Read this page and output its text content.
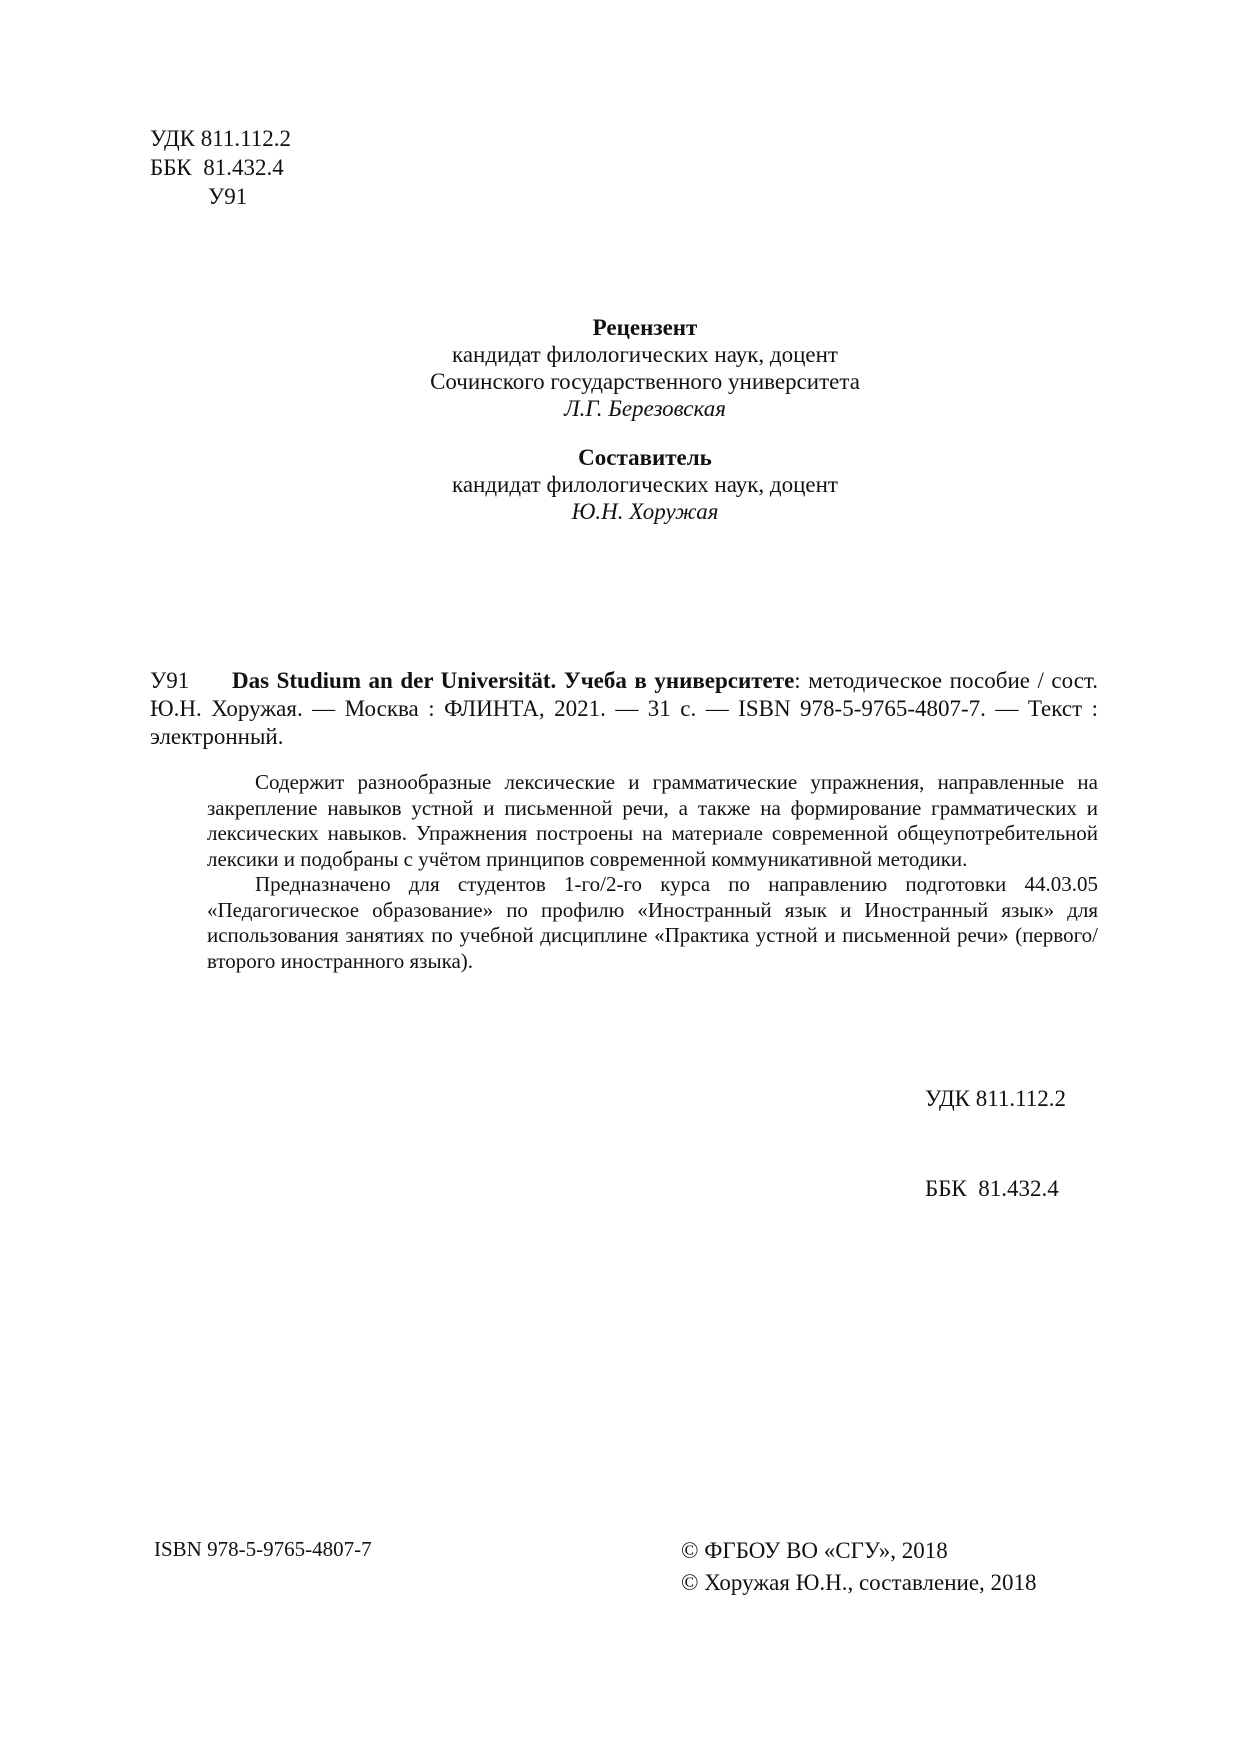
УДК 811.112.2
ББК  81.432.4
У91
Рецензент
кандидат филологических наук, доцент
Сочинского государственного университета
Л.Г. Березовская
Составитель
кандидат филологических наук, доцент
Ю.Н. Хоружая
У91	Das Studium an der Universität. Учеба в университете: методическое пособие / сост. Ю.Н. Хоружая. — Москва : ФЛИНТА, 2021. — 31 с. — ISBN 978-5-9765-4807-7. — Текст : электронный.

Содержит разнообразные лексические и грамматические упражнения, направленные на закрепление навыков устной и письменной речи, а также на формирование грамматических и лексических навыков. Упражнения построены на материале современной общеупотребительной лексики и подобраны с учётом принципов современной коммуникативной методики.

Предназначено для студентов 1-го/2-го курса по направлению подготовки 44.03.05 «Педагогическое образование» по профилю «Иностранный язык и Иностранный язык» для использования занятиях по учебной дисциплине «Практика устной и письменной речи» (первого/второго иностранного языка).

УДК 811.112.2

ББК  81.432.4

ISBN 978-5-9765-4807-7	© ФГБОУ ВО «СГУ», 2018
© Хоружая Ю.Н., составление, 2018
